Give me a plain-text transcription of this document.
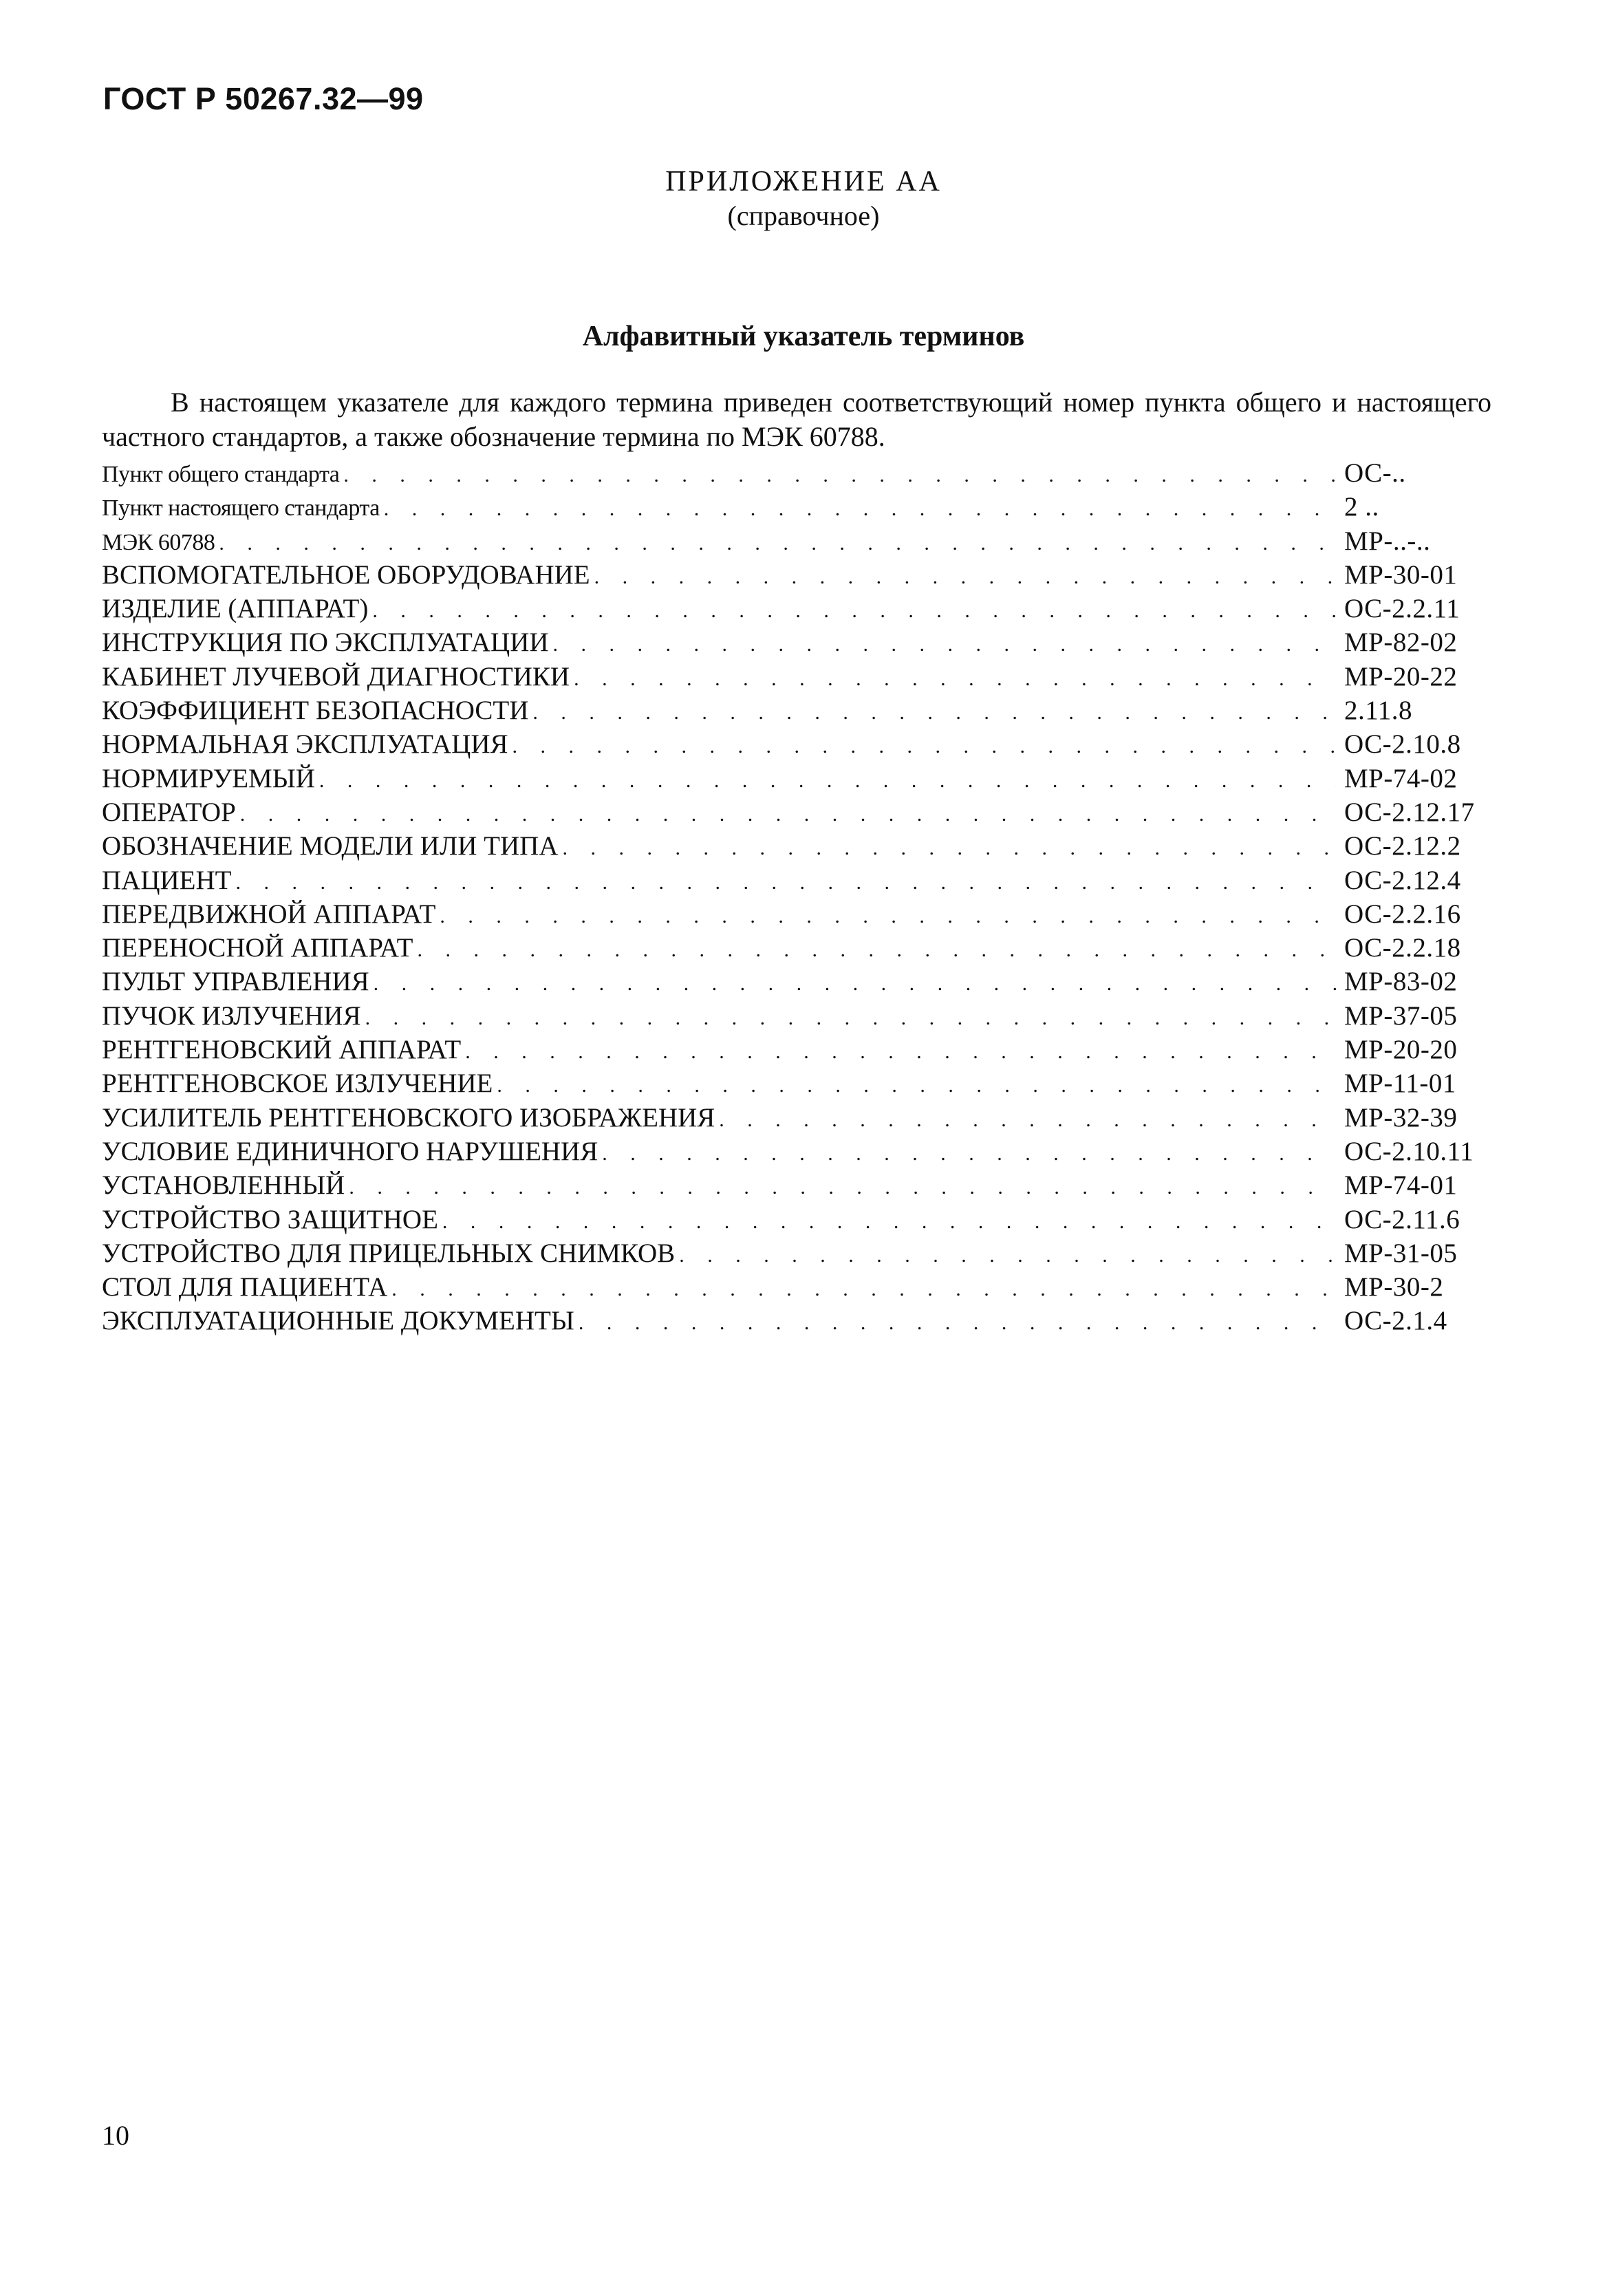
ГОСТ Р 50267.32—99
ПРИЛОЖЕНИЕ АА
(справочное)
Алфавитный указатель терминов

В настоящем указателе для каждого термина приведен соответствующий номер пункта общего и настоящего частного стандартов, а также обозначение термина по МЭК 60788.

Пункт общего стандарта . . .	ОС-..
Пункт настоящего стандарта . . .	2 ..
МЭК 60788 . . .	МР-..-..
ВСПОМОГАТЕЛЬНОЕ ОБОРУДОВАНИЕ . . .	МР-30-01
ИЗДЕЛИЕ (АППАРАТ) . . .	ОС-2.2.11
ИНСТРУКЦИЯ ПО ЭКСПЛУАТАЦИИ . . .	МР-82-02
КАБИНЕТ ЛУЧЕВОЙ ДИАГНОСТИКИ . . .	МР-20-22
КОЭФФИЦИЕНТ БЕЗОПАСНОСТИ . . .	2.11.8
НОРМАЛЬНАЯ ЭКСПЛУАТАЦИЯ . . .	ОС-2.10.8
НОРМИРУЕМЫЙ . . .	МР-74-02
ОПЕРАТОР . . .	ОС-2.12.17
ОБОЗНАЧЕНИЕ МОДЕЛИ ИЛИ ТИПА . . .	ОС-2.12.2
ПАЦИЕНТ . . .	ОС-2.12.4
ПЕРЕДВИЖНОЙ АППАРАТ . . .	ОС-2.2.16
ПЕРЕНОСНОЙ АППАРАТ . . .	ОС-2.2.18
ПУЛЬТ УПРАВЛЕНИЯ . . .	МР-83-02
ПУЧОК ИЗЛУЧЕНИЯ . . .	МР-37-05
РЕНТГЕНОВСКИЙ АППАРАТ . . .	МР-20-20
РЕНТГЕНОВСКОЕ ИЗЛУЧЕНИЕ . . .	МР-11-01
УСИЛИТЕЛЬ РЕНТГЕНОВСКОГО ИЗОБРАЖЕНИЯ . . .	МР-32-39
УСЛОВИЕ ЕДИНИЧНОГО НАРУШЕНИЯ . . .	ОС-2.10.11
УСТАНОВЛЕННЫЙ . . .	МР-74-01
УСТРОЙСТВО ЗАЩИТНОЕ . . .	ОС-2.11.6
УСТРОЙСТВО ДЛЯ ПРИЦЕЛЬНЫХ СНИМКОВ . . .	МР-31-05
СТОЛ ДЛЯ ПАЦИЕНТА . . .	МР-30-2
ЭКСПЛУАТАЦИОННЫЕ ДОКУМЕНТЫ . . .	ОС-2.1.4
10
